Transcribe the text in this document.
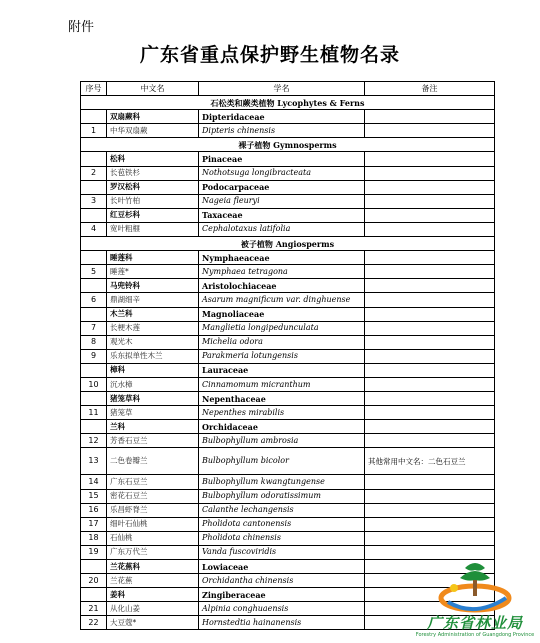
附件
广东省重点保护野生植物名录
序号	中文名	学名	备注
石松类和蕨类植物 Lycophytes & Ferns			
	双扇蕨科	Dipteridaceae	
1	中华双扇蕨	Dipteris chinensis	
裸子植物 Gymnosperms			
	松科	Pinaceae	
2	长苞铁杉	Nothotsuga longibracteata	
	罗汉松科	Podocarpaceae	
3	长叶竹柏	Nageia fleuryi	
	红豆杉科	Taxaceae	
4	宽叶粗榧	Cephalotaxus latifolia	
被子植物 Angiosperms			
	睡莲科	Nymphaeaceae	
5	睡莲*	Nymphaea tetragona	
	马兜铃科	Aristolochiaceae	
6	鼎湖细辛	Asarum magnificum var. dinghuense	
	木兰科	Magnoliaceae	
7	长梗木莲	Manglietia longipedunculata	
8	观光木	Michelia odora	
9	乐东拟单性木兰	Parakmeria lotungensis	
	樟科	Lauraceae	
10	沉水樟	Cinnamomum micranthum	
	猪笼草科	Nepenthaceae	
11	猪笼草	Nepenthes mirabilis	
	兰科	Orchidaceae	
12	芳香石豆兰	Bulbophyllum ambrosia	
13	二色卷瓣兰	Bulbophyllum bicolor	其他常用中文名：二色石豆兰
14	广东石豆兰	Bulbophyllum kwangtungense	
15	密花石豆兰	Bulbophyllum odoratissimum	
16	乐昌虾脊兰	Calanthe lechangensis	
17	细叶石仙桃	Pholidota cantonensis	
18	石仙桃	Pholidota chinensis	
19	广东万代兰	Vanda fuscoviridis	
	兰花蕉科	Lowiaceae	
20	兰花蕉	Orchidantha chinensis	
	姜科	Zingiberaceae	
21	从化山姜	Alpinia conghuaensis	
22	大豆蔻*	Hornstedtia hainanensis		广东省林业局
Forestry Administration of Guangdong Province
